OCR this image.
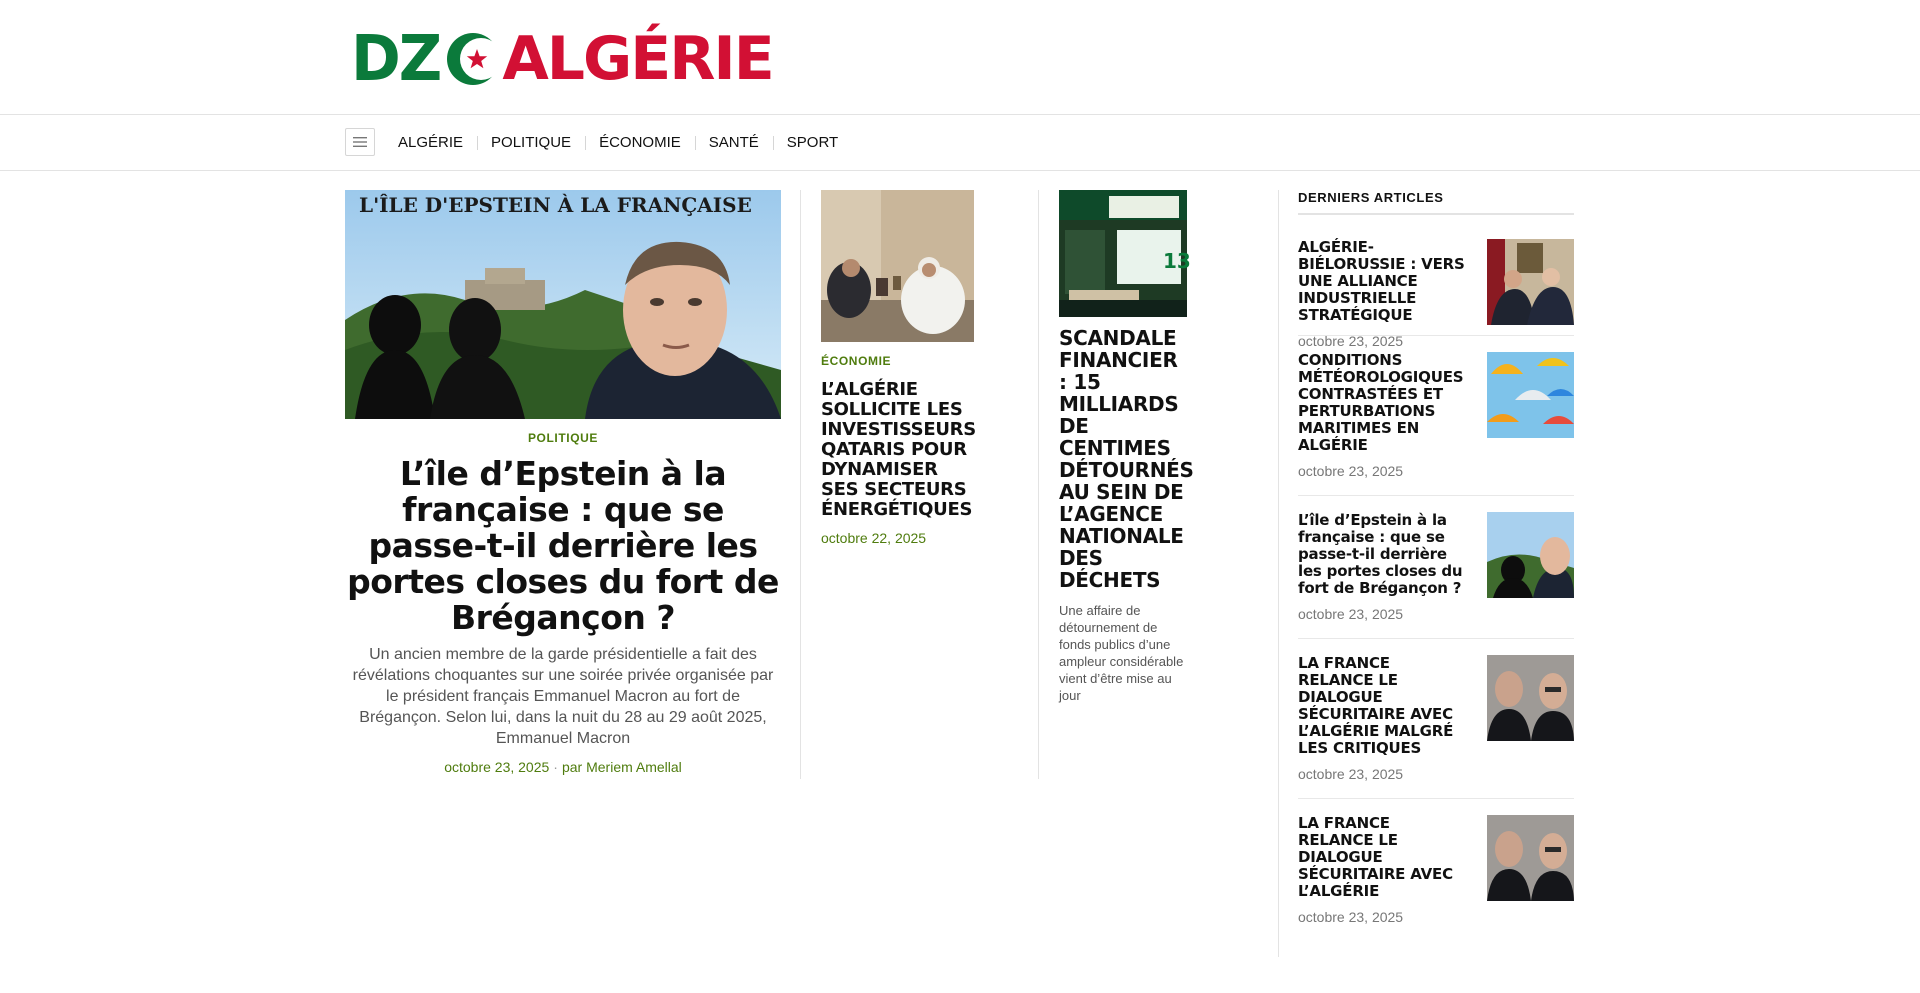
DZ ALGÉRIE
ALGÉRIE	POLITIQUE	ÉCONOMIE	SANTÉ	SPORT
L'ÎLE D'EPSTEIN À LA FRANÇAISE
POLITIQUE
L’île d’Epstein à la française : que se passe-t-il derrière les portes closes du fort de Brégançon ?
Un ancien membre de la garde présidentielle a fait des révélations choquantes sur une soirée privée organisée par le président français Emmanuel Macron au fort de Brégançon. Selon lui, dans la nuit du 28 au 29 août 2025, Emmanuel Macron
octobre 23, 2025 · par Meriem Amellal
ÉCONOMIE
L’ALGÉRIE SOLLICITE LES INVESTISSEURS QATARIS POUR DYNAMISER SES SECTEURS ÉNERGÉTIQUES
octobre 22, 2025
13
SCANDALE FINANCIER : 15 MILLIARDS DE CENTIMES DÉTOURNÉS AU SEIN DE L’AGENCE NATIONALE DES DÉCHETS
Une affaire de détournement de fonds publics d’une ampleur considérable vient d’être mise au jour
DERNIERS ARTICLES
ALGÉRIE-BIÉLORUSSIE : VERS UNE ALLIANCE INDUSTRIELLE STRATÉGIQUE
octobre 23, 2025
CONDITIONS MÉTÉOROLOGIQUES CONTRASTÉES ET PERTURBATIONS MARITIMES EN ALGÉRIE
octobre 23, 2025
L’île d’Epstein à la française : que se passe-t-il derrière les portes closes du fort de Brégançon ?
octobre 23, 2025
LA FRANCE RELANCE LE DIALOGUE SÉCURITAIRE AVEC L’ALGÉRIE MALGRÉ LES CRITIQUES
octobre 23, 2025
LA FRANCE RELANCE LE DIALOGUE SÉCURITAIRE AVEC L’ALGÉRIE
octobre 23, 2025
